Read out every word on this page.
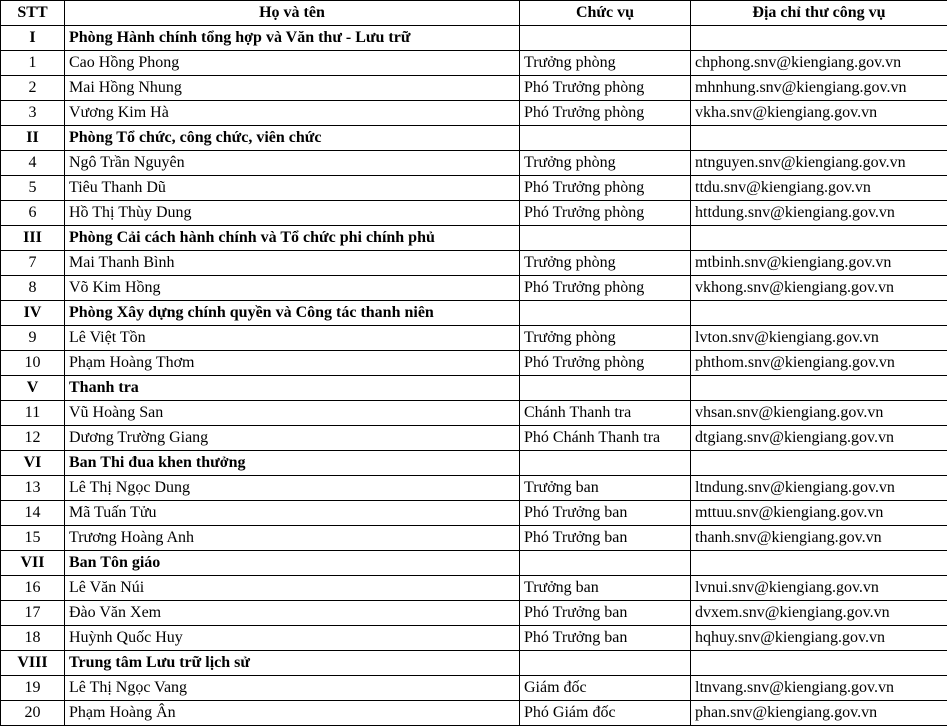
STT	Họ và tên	Chức vụ	Địa chỉ thư công vụ
I	Phòng Hành chính tổng hợp và Văn thư - Lưu trữ		
1	Cao Hồng Phong	Trưởng phòng	chphong.snv@kiengiang.gov.vn
2	Mai Hồng Nhung	Phó Trưởng phòng	mhnhung.snv@kiengiang.gov.vn
3	Vương Kim Hà	Phó Trưởng phòng	vkha.snv@kiengiang.gov.vn
II	Phòng Tổ chức, công chức, viên chức		
4	Ngô Trần Nguyên	Trưởng phòng	ntnguyen.snv@kiengiang.gov.vn
5	Tiêu Thanh Dũ	Phó Trưởng phòng	ttdu.snv@kiengiang.gov.vn
6	Hồ Thị Thùy Dung	Phó Trưởng phòng	httdung.snv@kiengiang.gov.vn
III	Phòng Cải cách hành chính và Tổ chức phi chính phủ		
7	Mai Thanh Bình	Trưởng phòng	mtbinh.snv@kiengiang.gov.vn
8	Võ Kim Hồng	Phó Trưởng phòng	vkhong.snv@kiengiang.gov.vn
IV	Phòng Xây dựng chính quyền và Công tác thanh niên		
9	Lê Việt Tồn	Trưởng phòng	lvton.snv@kiengiang.gov.vn
10	Phạm Hoàng Thơm	Phó Trưởng phòng	phthom.snv@kiengiang.gov.vn
V	Thanh tra		
11	Vũ Hoàng San	Chánh Thanh tra	vhsan.snv@kiengiang.gov.vn
12	Dương Trường Giang	Phó Chánh Thanh tra	dtgiang.snv@kiengiang.gov.vn
VI	Ban Thi đua khen thưởng		
13	Lê Thị Ngọc Dung	Trưởng ban	ltndung.snv@kiengiang.gov.vn
14	Mã Tuấn Tửu	Phó Trưởng ban	mttuu.snv@kiengiang.gov.vn
15	Trương Hoàng Anh	Phó Trưởng ban	thanh.snv@kiengiang.gov.vn
VII	Ban Tôn giáo		
16	Lê Văn Núi	Trưởng ban	lvnui.snv@kiengiang.gov.vn
17	Đào Văn Xem	Phó Trưởng ban	dvxem.snv@kiengiang.gov.vn
18	Huỳnh Quốc Huy	Phó Trưởng ban	hqhuy.snv@kiengiang.gov.vn
VIII	Trung tâm Lưu trữ lịch sử		
19	Lê Thị Ngọc Vang	Giám đốc	ltnvang.snv@kiengiang.gov.vn
20	Phạm Hoàng Ân	Phó Giám đốc	phan.snv@kiengiang.gov.vn
